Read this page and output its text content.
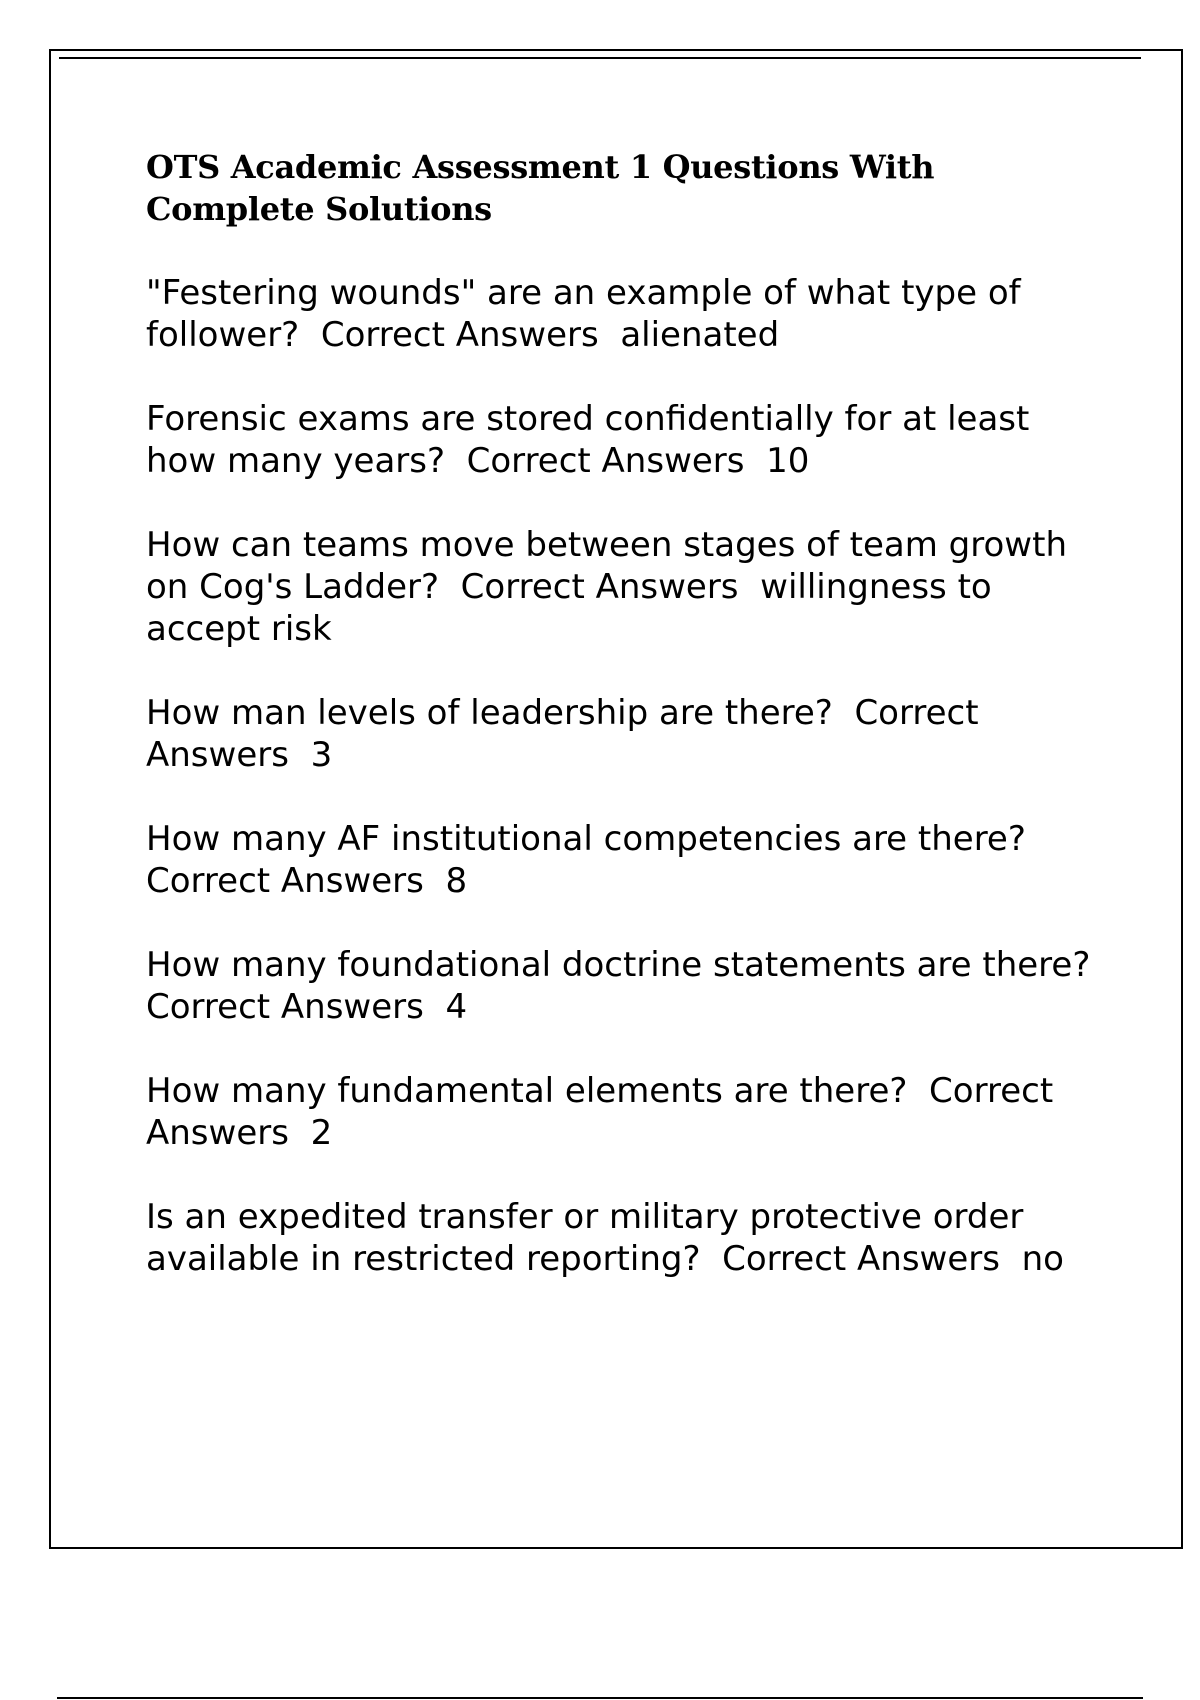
OTS Academic Assessment 1 Questions With Complete Solutions

"Festering wounds" are an example of what type of follower? Correct Answers alienated

Forensic exams are stored confidentially for at least how many years? Correct Answers 10

How can teams move between stages of team growth on Cog's Ladder? Correct Answers willingness to accept risk

How man levels of leadership are there? Correct Answers 3

How many AF institutional competencies are there?  Correct Answers 8

How many foundational doctrine statements are there?  Correct Answers 4

How many fundamental elements are there? Correct Answers 2

Is an expedited transfer or military protective order available in restricted reporting? Correct Answers no
